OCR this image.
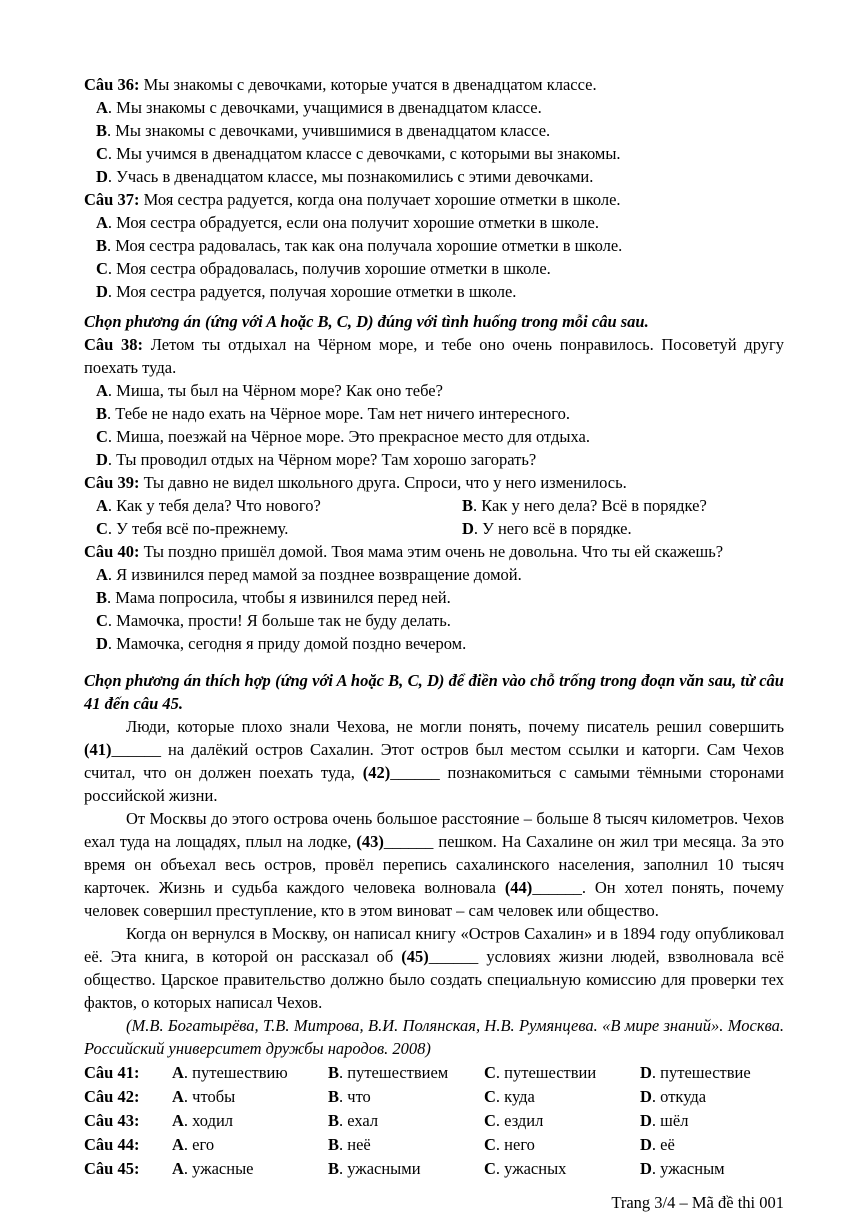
Câu 36: Мы знакомы с девочками, которые учатся в двенадцатом классе.

A . Мы знакомы с девочками, учащимися в двенадцатом классе.

B . Мы знакомы с девочками, учившимися в двенадцатом классе.

C . Мы учимся в двенадцатом классе с девочками, с которыми вы знакомы.

D . Учась в двенадцатом классе, мы познакомились с этими девочками.

Câu 37: Моя сестра радуется, когда она получает хорошие отметки в школе.

A . Моя сестра обрадуется, если она получит хорошие отметки в школе.

B . Моя сестра радовалась, так как она получала хорошие отметки в школе.

C . Моя сестра обрадовалась, получив хорошие отметки в школе.

D . Моя сестра радуется, получая хорошие отметки в школе.

Chọn phương án (ứng với A hoặc B, C, D) đúng với tình huống trong mỗi câu sau.

Câu 38: Летом ты отдыхал на Чёрном море, и тебе оно очень понравилось. Посоветуй другу поехать туда.

A . Миша, ты был на Чёрном море? Как оно тебе?

B . Тебе не надо ехать на Чёрное море. Там нет ничего интересного.

C . Миша, поезжай на Чёрное море. Это прекрасное место для отдыха.

D . Ты проводил отдых на Чёрном море? Там хорошо загорать?

Câu 39: Ты давно не видел школьного друга. Спроси, что у него изменилось.

A . Как у тебя дела? Что нового?	B . Как у него дела? Всё в порядке?

C . У тебя всё по-прежнему.	D . У него всё в порядке.

Câu 40: Ты поздно пришёл домой. Твоя мама этим очень не довольна. Что ты ей скажешь?

A . Я извинился перед мамой за позднее возвращение домой.

B . Мама попросила, чтобы я извинился перед ней.

C . Мамочка, прости! Я больше так не буду делать.

D . Мамочка, сегодня я приду домой поздно вечером.

Chọn phương án thích hợp (ứng với A hoặc B, C, D) để điền vào chỗ trống trong đoạn văn sau, từ câu 41 đến câu 45.

Люди, которые плохо знали Чехова, не могли понять, почему писатель решил совершить (41)______ на далёкий остров Сахалин. Этот остров был местом ссылки и каторги. Сам Чехов считал, что он должен поехать туда, (42)______ познакомиться с самыми тёмными сторонами российской жизни.

От Москвы до этого острова очень большое расстояние – больше 8 тысяч километров. Чехов ехал туда на лощадях, плыл на лодке, (43)______ пешком. На Сахалине он жил три месяца. За это время он объехал весь остров, провёл перепись сахалинского населения, заполнил 10 тысяч карточек. Жизнь и судьба каждого человека волновала (44)______. Он хотел понять, почему человек совершил преступление, кто в этом виноват – сам человек или общество.

Когда он вернулся в Москву, он написал книгу «Остров Сахалин» и в 1894 году опубликовал её. Эта книга, в которой он рассказал об (45)______ условиях жизни людей, взволновала всё общество. Царское правительство должно было создать специальную комиссию для проверки тех фактов, о которых написал Чехов.

(М.В. Богатырёва, Т.В. Митрова, В.И. Полянская, Н.В. Румянцева. «В мире знаний». Москва. Российский университет дружбы народов. 2008)

Câu 41:	A . путешествию	B . путешествием	C . путешествии	D . путешествие
Câu 42:	A . чтобы	B . что	C . куда	D . откуда
Câu 43:	A . ходил	B . ехал	C . ездил	D . шёл
Câu 44:	A . его	B . неё	C . него	D . её
Câu 45:	A . ужасные	B . ужасными	C . ужасных	D . ужасным
Trang 3/4 – Mã đề thi 001
